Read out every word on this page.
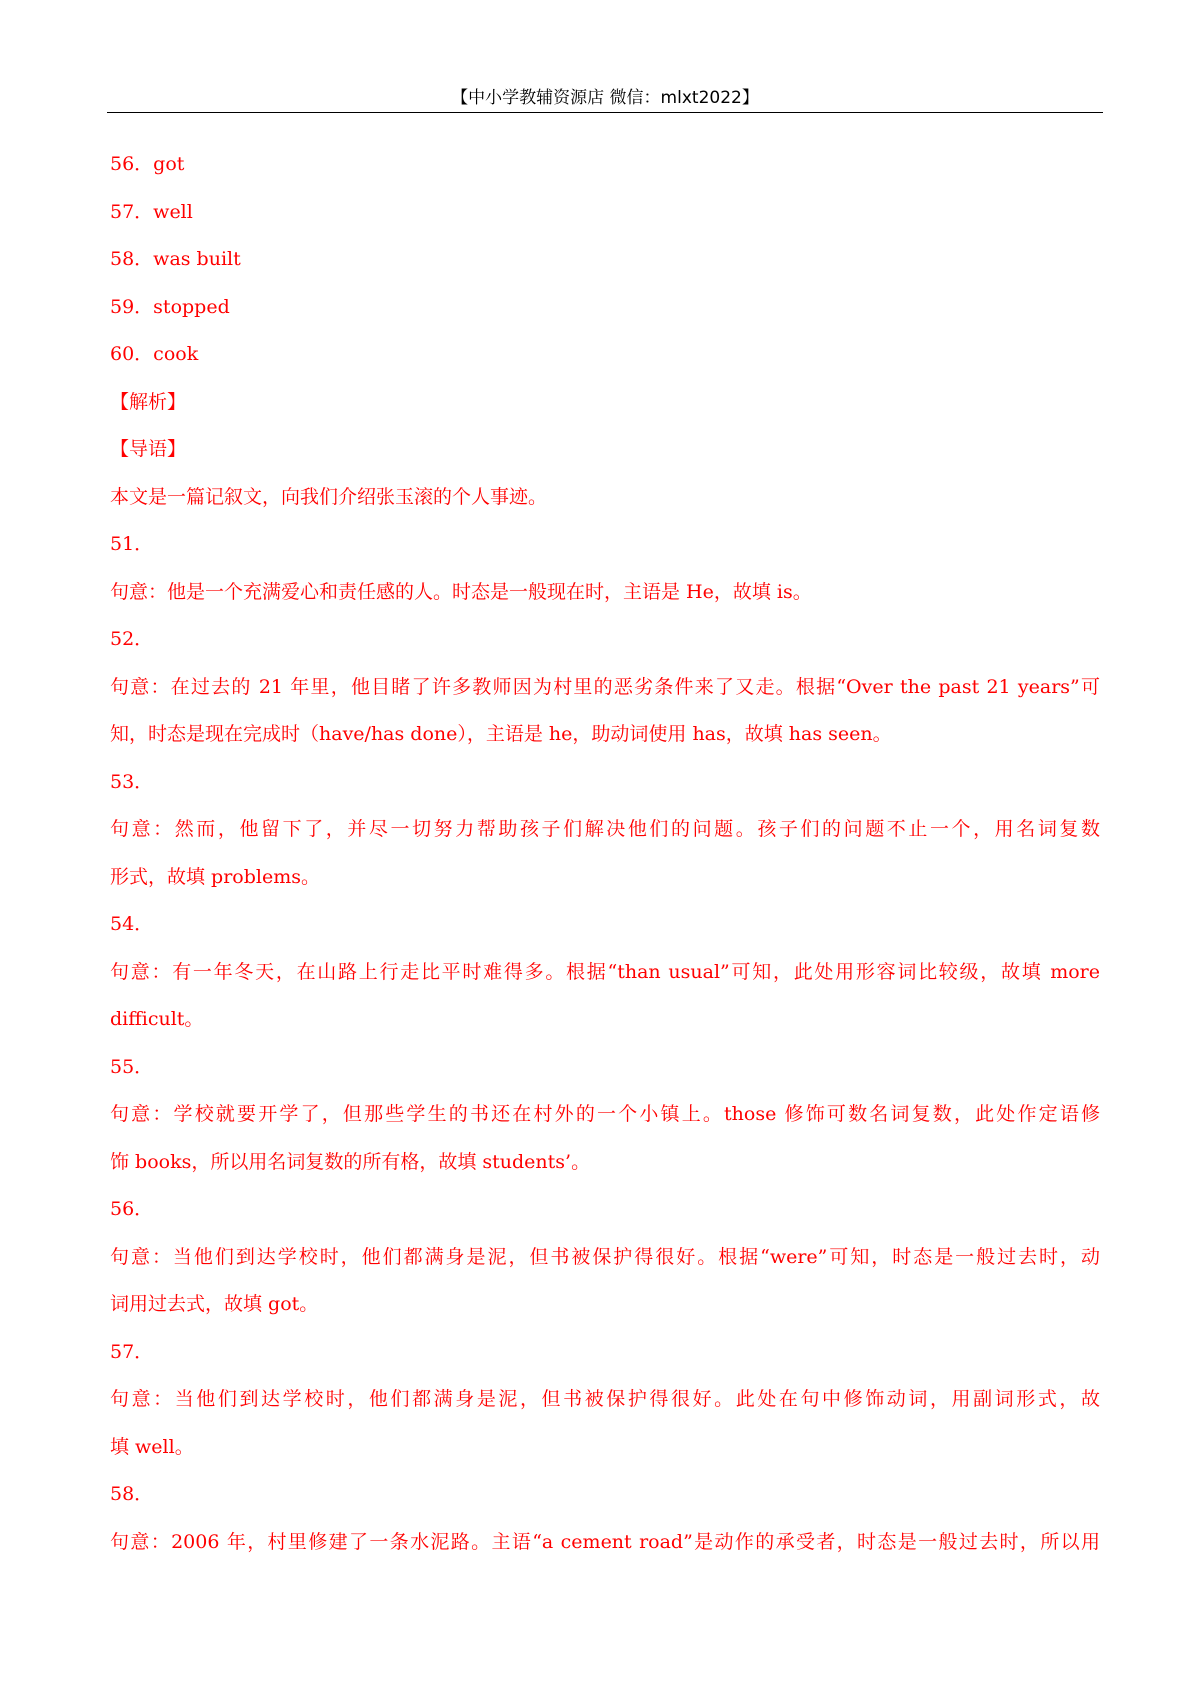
【中小学教辅资源店 微信：mlxt2022】
56．got
57．well
58．was built
59．stopped
60．cook
【解析】
【导语】
本文是一篇记叙文，向我们介绍张玉滚的个人事迹。
51．
句意：他是一个充满爱心和责任感的人。时态是一般现在时，主语是 He，故填 is。
52．
句意：在过去的 21 年里，他目睹了许多教师因为村里的恶劣条件来了又走。根据“Over the past 21 years”可
知，时态是现在完成时（have/has done），主语是 he，助动词使用 has，故填 has seen。
53．
句意：然而，他留下了，并尽一切努力帮助孩子们解决他们的问题。孩子们的问题不止一个，用名词复数
形式，故填 problems。
54．
句意：有一年冬天，在山路上行走比平时难得多。根据“than usual”可知，此处用形容词比较级，故填 more
difficult。
55．
句意：学校就要开学了，但那些学生的书还在村外的一个小镇上。those 修饰可数名词复数，此处作定语修
饰 books，所以用名词复数的所有格，故填 students’。
56．
句意：当他们到达学校时，他们都满身是泥，但书被保护得很好。根据“were”可知，时态是一般过去时，动
词用过去式，故填 got。
57．
句意：当他们到达学校时，他们都满身是泥，但书被保护得很好。此处在句中修饰动词，用副词形式，故
填 well。
58．
句意：2006 年，村里修建了一条水泥路。主语“a cement road”是动作的承受者，时态是一般过去时，所以用
